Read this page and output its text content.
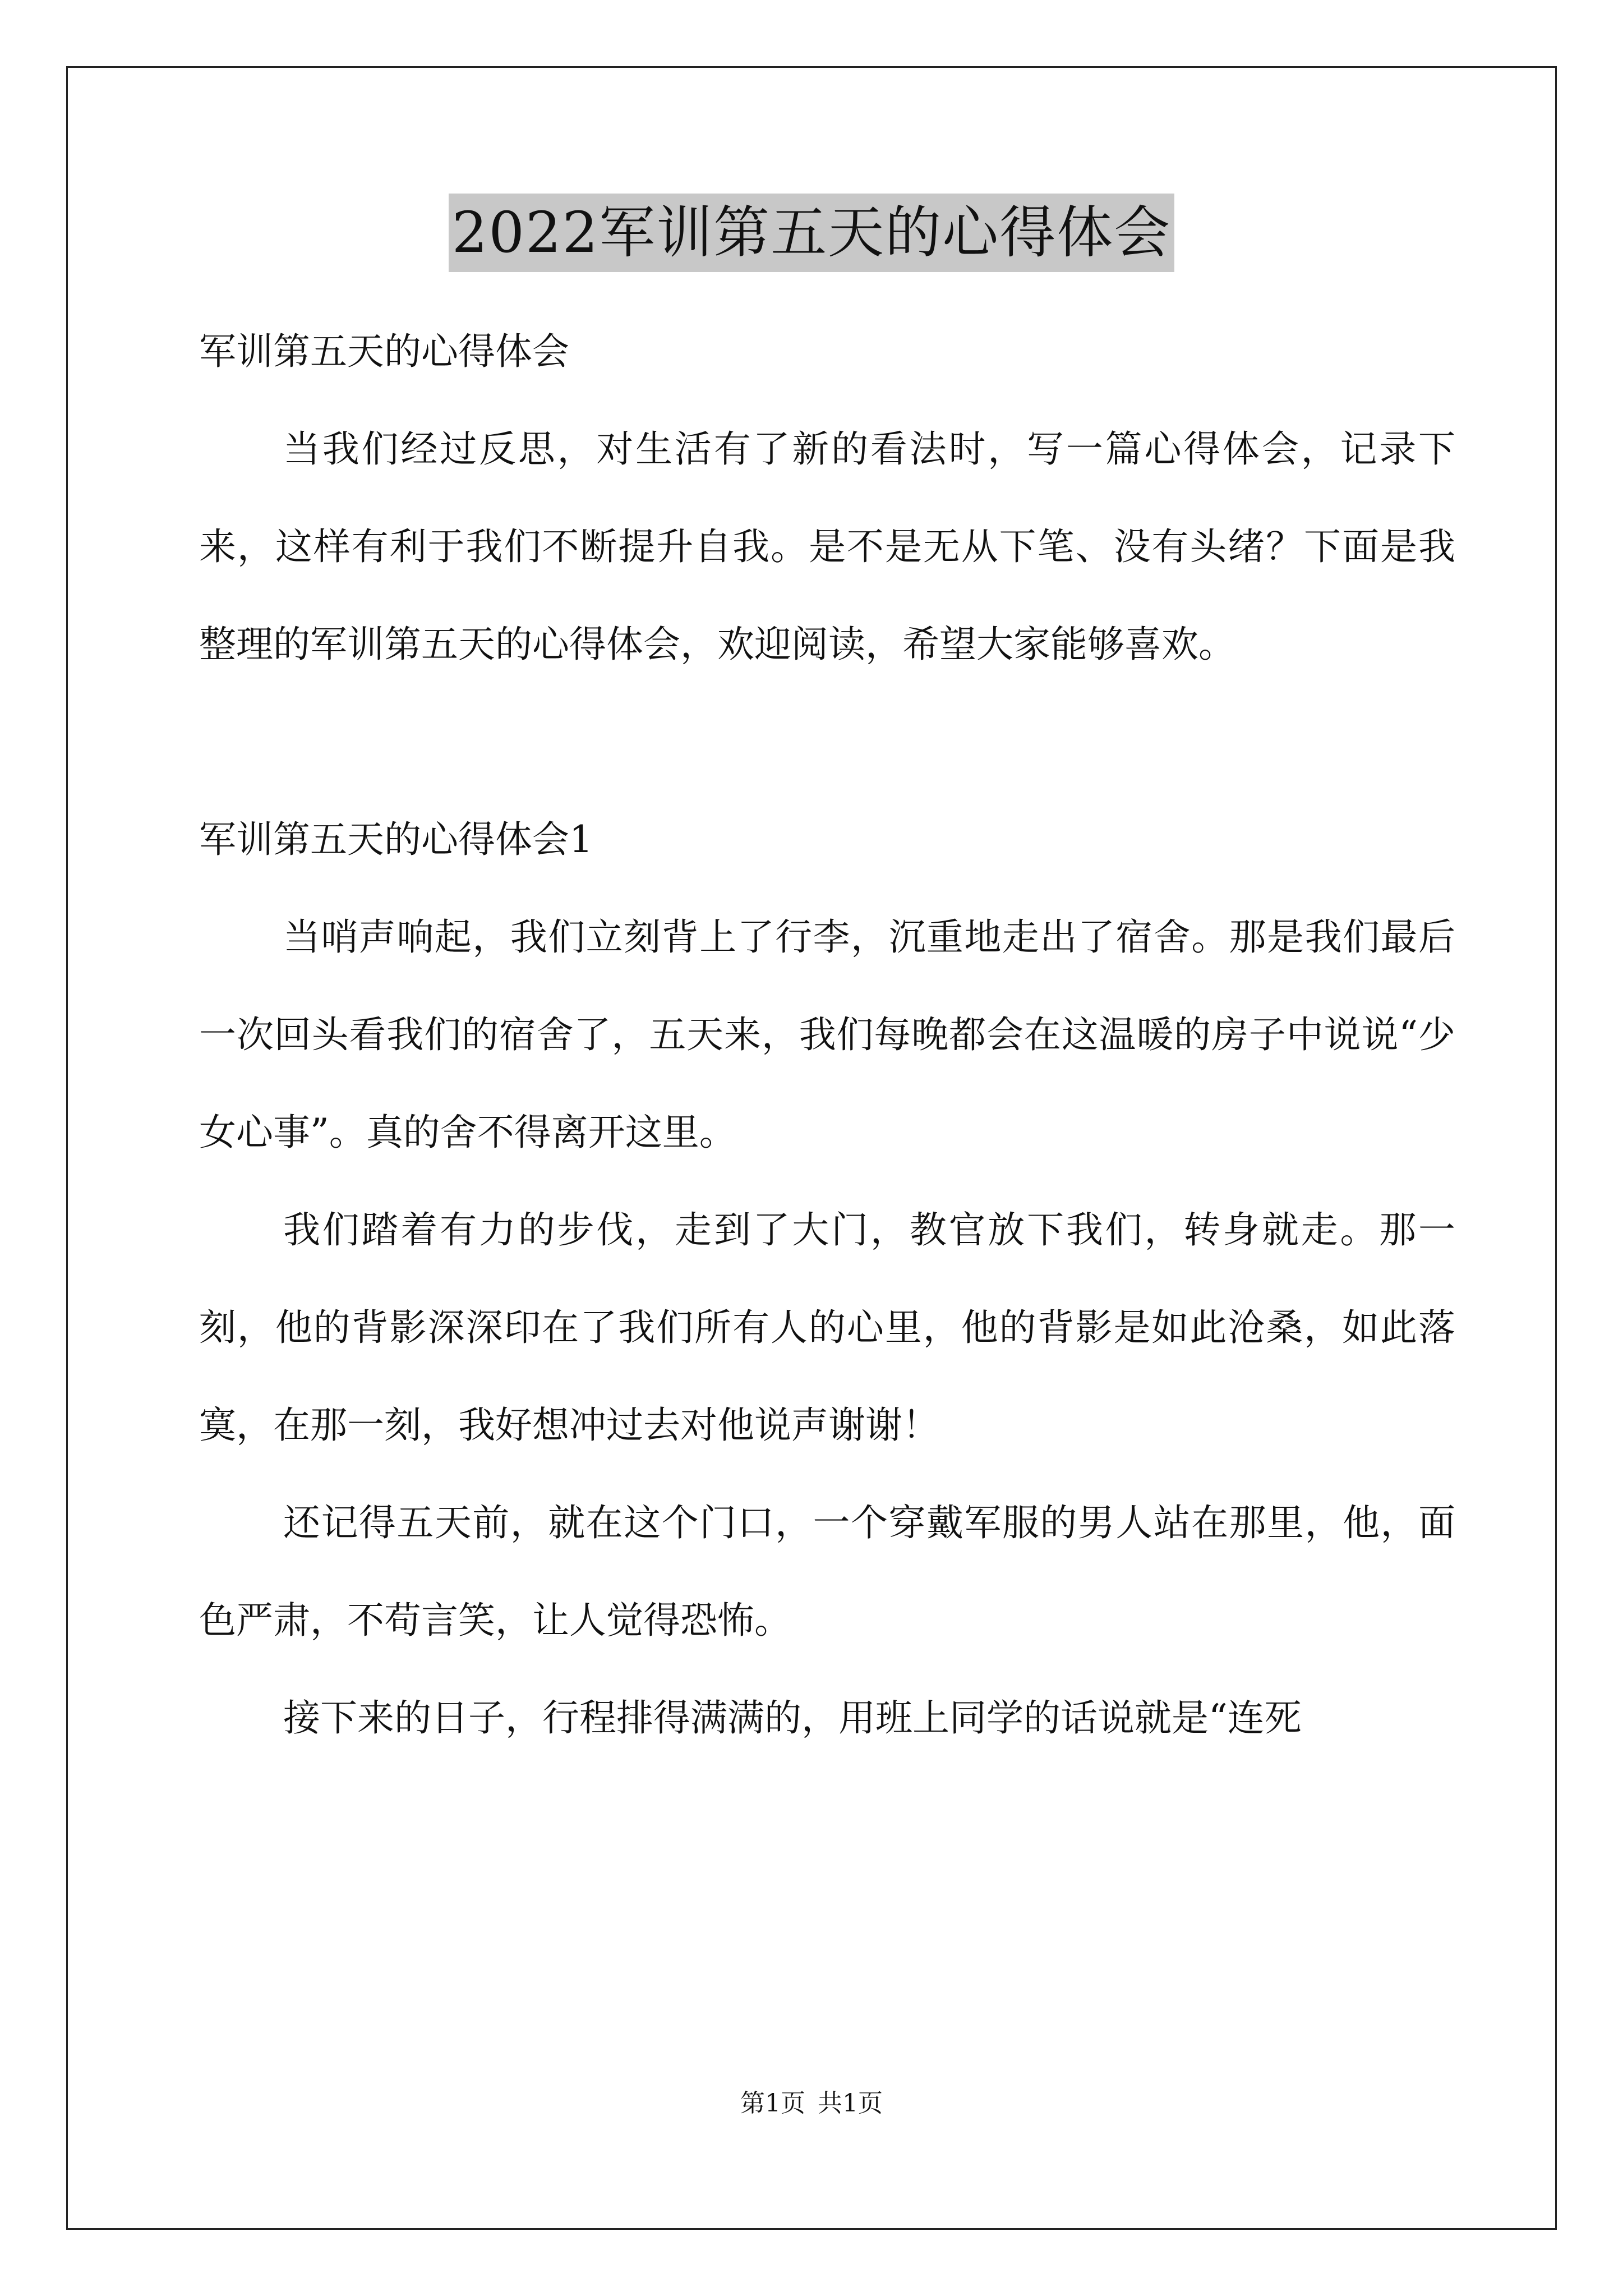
2022军训第五天的心得体会

军训第五天的心得体会

当我们经过反思，对生活有了新的看法时，写一篇心得体会，记录下来，这样有利于我们不断提升自我。是不是无从下笔、没有头绪？下面是我整理的军训第五天的心得体会，欢迎阅读，希望大家能够喜欢。

军训第五天的心得体会1

当哨声响起，我们立刻背上了行李，沉重地走出了宿舍。那是我们最后一次回头看我们的宿舍了，五天来，我们每晚都会在这温暖的房子中说说“少女心事”。真的舍不得离开这里。

我们踏着有力的步伐，走到了大门，教官放下我们，转身就走。那一刻，他的背影深深印在了我们所有人的心里，他的背影是如此沧桑，如此落寞，在那一刻，我好想冲过去对他说声谢谢！

还记得五天前，就在这个门口，一个穿戴军服的男人站在那里，他，面色严肃，不苟言笑，让人觉得恐怖。

接下来的日子，行程排得满满的，用班上同学的话说就是“连死

第1页 共1页
